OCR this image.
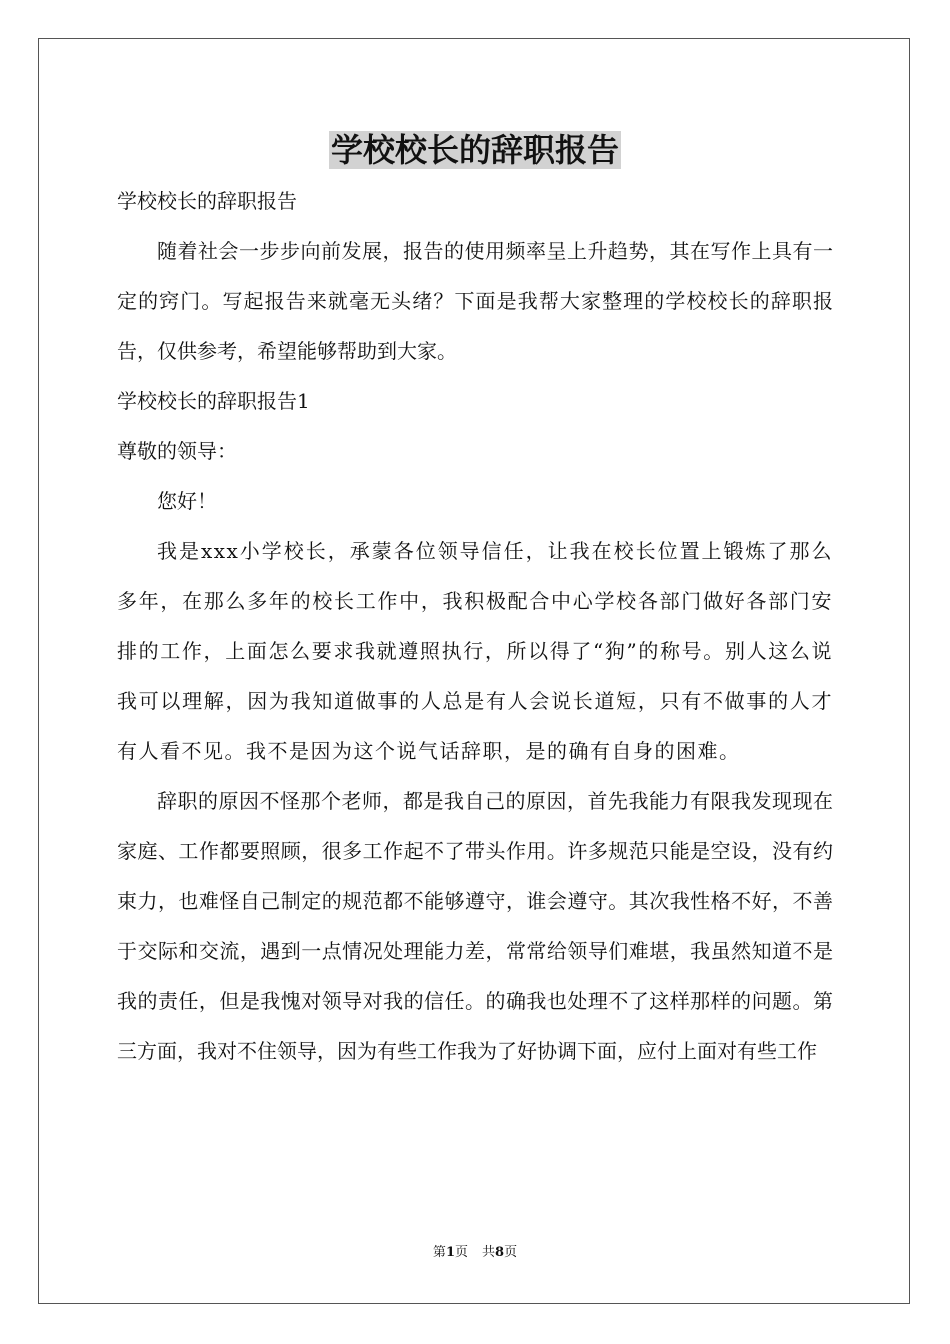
学校校长的辞职报告

学校校长的辞职报告

随着社会一步步向前发展，报告的使用频率呈上升趋势，其在写作上具有一定的窍门。写起报告来就毫无头绪？下面是我帮大家整理的学校校长的辞职报告，仅供参考，希望能够帮助到大家。

学校校长的辞职报告1

尊敬的领导：

您好！

我是xxx小学校长，承蒙各位领导信任，让我在校长位置上锻炼了那么多年，在那么多年的校长工作中，我积极配合中心学校各部门做好各部门安排的工作，上面怎么要求我就遵照执行，所以得了“狗”的称号。别人这么说我可以理解，因为我知道做事的人总是有人会说长道短，只有不做事的人才有人看不见。我不是因为这个说气话辞职，是的确有自身的困难。

辞职的原因不怪那个老师，都是我自己的原因，首先我能力有限我发现现在家庭、工作都要照顾，很多工作起不了带头作用。许多规范只能是空设，没有约束力，也难怪自己制定的规范都不能够遵守，谁会遵守。其次我性格不好，不善于交际和交流，遇到一点情况处理能力差，常常给领导们难堪，我虽然知道不是我的责任，但是我愧对领导对我的信任。的确我也处理不了这样那样的问题。第三方面，我对不住领导，因为有些工作我为了好协调下面，应付上面对有些工作

第1页 共8页
